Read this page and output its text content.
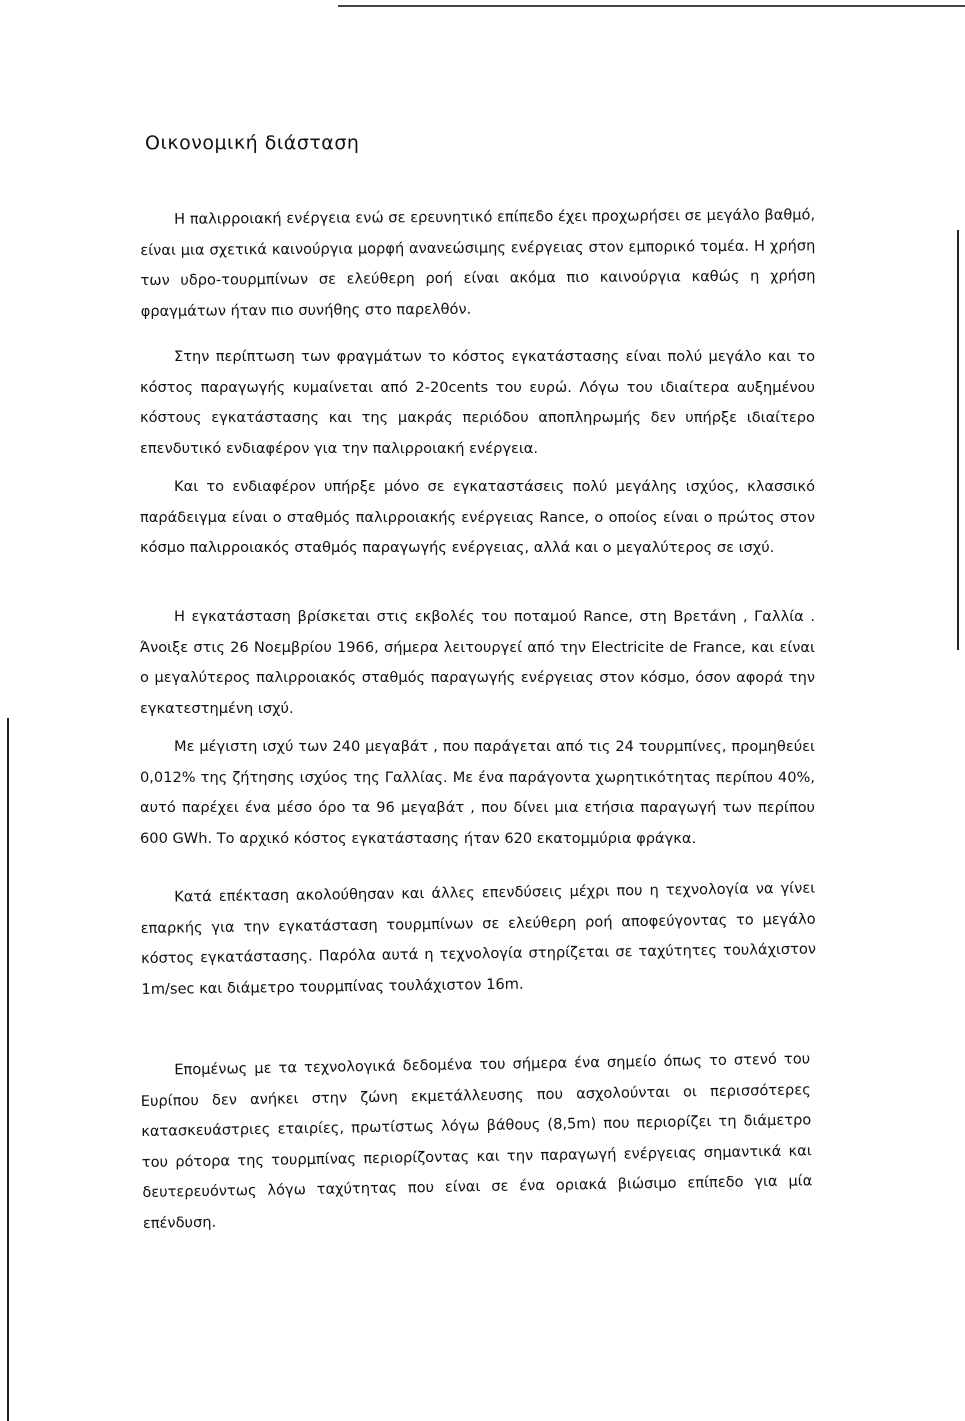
Οικονομική διάσταση

Η παλιρροιακή ενέργεια ενώ σε ερευνητικό επίπεδο έχει προχωρήσει σε μεγάλο βαθμό, είναι μια σχετικά καινούργια μορφή ανανεώσιμης ενέργειας στον εμπορικό τομέα. Η χρήση των υδρο-τουρμπίνων σε ελεύθερη ροή είναι ακόμα πιο καινούργια καθώς η χρήση φραγμάτων ήταν πιο συνήθης στο παρελθόν.

Στην περίπτωση των φραγμάτων το κόστος εγκατάστασης είναι πολύ μεγάλο και το κόστος παραγωγής κυμαίνεται από 2-20cents του ευρώ. Λόγω του ιδιαίτερα αυξημένου κόστους εγκατάστασης και της μακράς περιόδου αποπληρωμής δεν υπήρξε ιδιαίτερο επενδυτικό ενδιαφέρον για την παλιρροιακή ενέργεια.

Και το ενδιαφέρον υπήρξε μόνο σε εγκαταστάσεις πολύ μεγάλης ισχύος, κλασσικό παράδειγμα είναι ο σταθμός παλιρροιακής ενέργειας Rance, ο οποίος είναι ο πρώτος στον κόσμο παλιρροιακός σταθμός παραγωγής ενέργειας, αλλά και ο μεγαλύτερος σε ισχύ.

Η εγκατάσταση βρίσκεται στις εκβολές του ποταμού Rance, στη Βρετάνη , Γαλλία . Άνοιξε στις 26 Νοεμβρίου 1966, σήμερα λειτουργεί από την Electricite de France, και είναι ο μεγαλύτερος παλιρροιακός σταθμός παραγωγής ενέργειας στον κόσμο, όσον αφορά την εγκατεστημένη ισχύ.

Με μέγιστη ισχύ των 240 μεγαβάτ , που παράγεται από τις 24 τουρμπίνες, προμηθεύει 0,012% της ζήτησης ισχύος της Γαλλίας. Με ένα παράγοντα χωρητικότητας περίπου 40%, αυτό παρέχει ένα μέσο όρο τα 96 μεγαβάτ , που δίνει μια ετήσια παραγωγή των περίπου 600 GWh. Το αρχικό κόστος εγκατάστασης ήταν 620 εκατομμύρια φράγκα.

Κατά επέκταση ακολούθησαν και άλλες επενδύσεις μέχρι που η τεχνολογία να γίνει επαρκής για την εγκατάσταση τουρμπίνων σε ελεύθερη ροή αποφεύγοντας το μεγάλο κόστος εγκατάστασης. Παρόλα αυτά η τεχνολογία στηρίζεται σε ταχύτητες τουλάχιστον 1m/sec και διάμετρο τουρμπίνας τουλάχιστον 16m.

Επομένως με τα τεχνολογικά δεδομένα του σήμερα ένα σημείο όπως το στενό του Ευρίπου δεν ανήκει στην ζώνη εκμετάλλευσης που ασχολούνται οι περισσότερες κατασκευάστριες εταιρίες, πρωτίστως λόγω βάθους (8,5m) που περιορίζει τη διάμετρο του ρότορα της τουρμπίνας περιορίζοντας και την παραγωγή ενέργειας σημαντικά και δευτερευόντως λόγω ταχύτητας που είναι σε ένα οριακά βιώσιμο επίπεδο για μία επένδυση.
